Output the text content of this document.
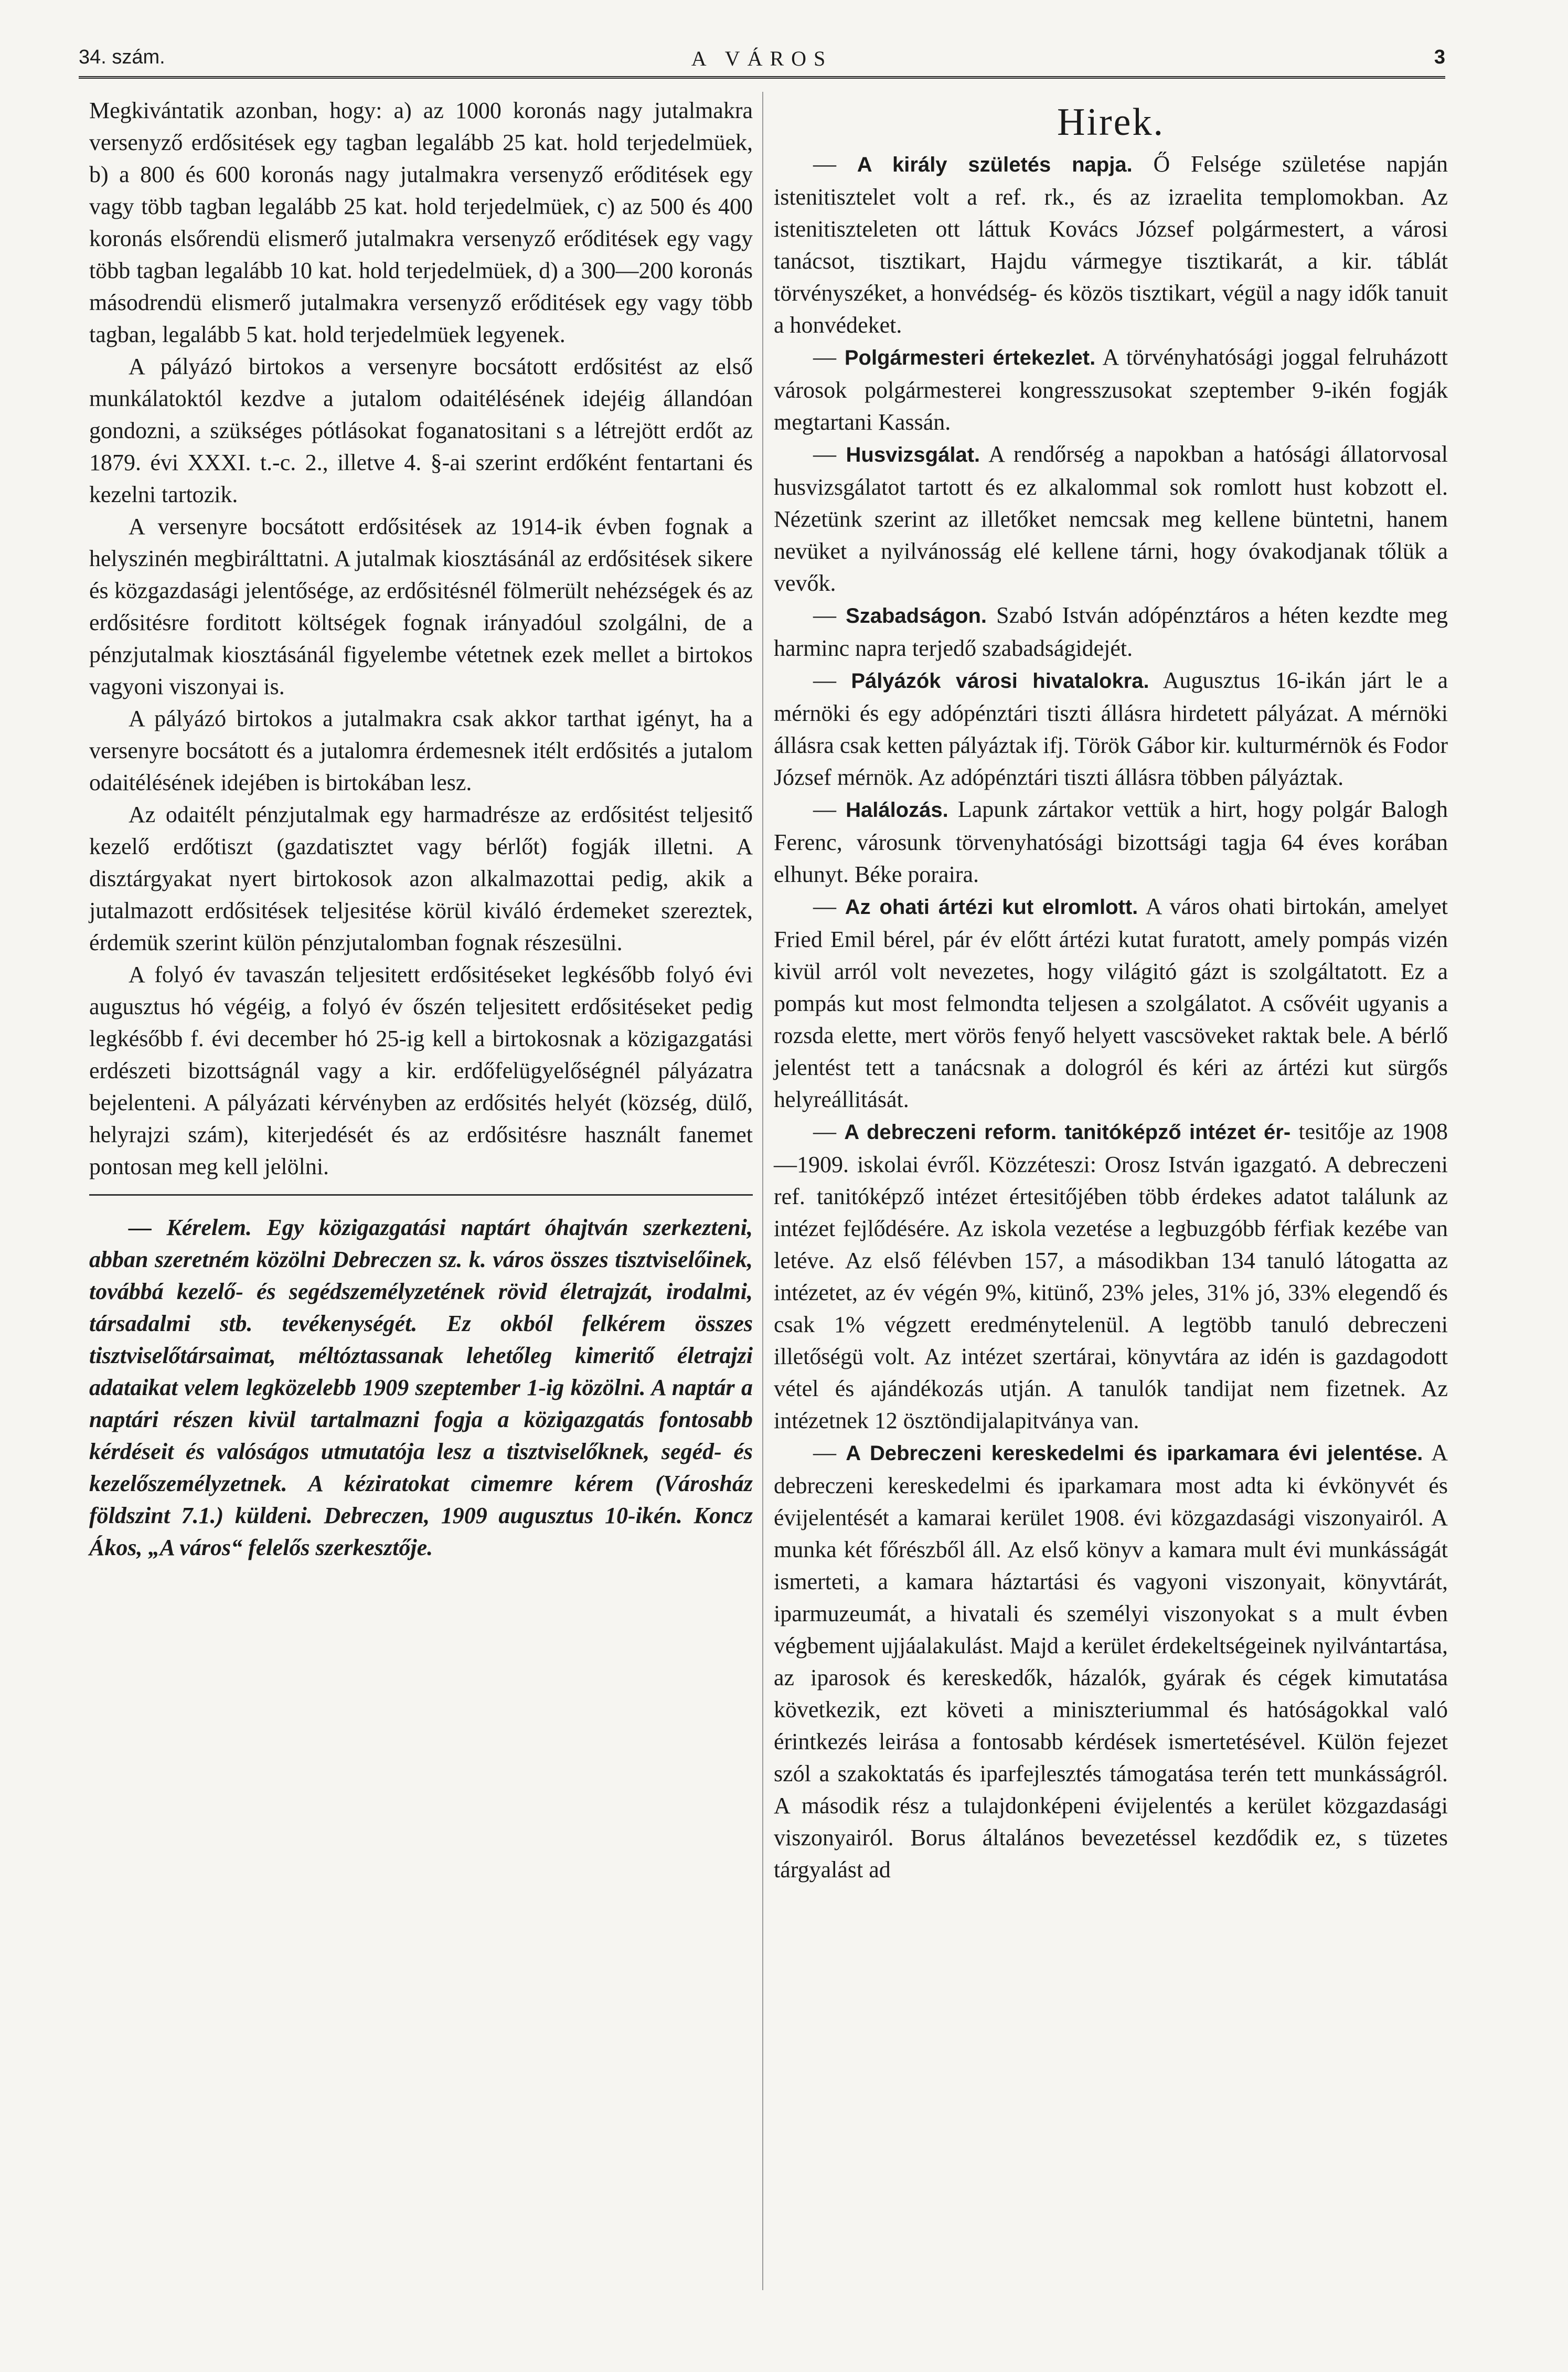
34. szám.	A VÁROS	3

Megkivántatik azonban, hogy: a) az 1000 koronás nagy jutalmakra versenyző erdősitések egy tagban legalább 25 kat. hold terjedelmüek, b) a 800 és 600 koronás nagy jutalmakra versenyző erőditések egy vagy több tagban legalább 25 kat. hold terjedelmüek, c) az 500 és 400 koronás elsőrendü elismerő jutalmakra versenyző erőditések egy vagy több tagban legalább 10 kat. hold terjedelmüek, d) a 300—200 koronás másodrendü elismerő jutalmakra versenyző erőditések egy vagy több tagban, legalább 5 kat. hold terjedelmüek legyenek.

A pályázó birtokos a versenyre bocsátott erdősitést az első munkálatoktól kezdve a jutalom odaitélésének idejéig állandóan gondozni, a szükséges pótlásokat foganatositani s a létrejött erdőt az 1879. évi XXXI. t.-c. 2., illetve 4. §-ai szerint erdőként fentartani és kezelni tartozik.

A versenyre bocsátott erdősitések az 1914-ik évben fognak a helyszinén megbirálttatni. A jutalmak kiosztásánál az erdősitések sikere és közgazdasági jelentősége, az erdősitésnél fölmerült nehézségek és az erdősitésre forditott költségek fognak irányadóul szolgálni, de a pénzjutalmak kiosztásánál figyelembe vétetnek ezek mellet a birtokos vagyoni viszonyai is.

A pályázó birtokos a jutalmakra csak akkor tarthat igényt, ha a versenyre bocsátott és a jutalomra érdemesnek itélt erdősités a jutalom odaitélésének idejében is birtokában lesz.

Az odaitélt pénzjutalmak egy harmadrésze az erdősitést teljesitő kezelő erdőtiszt (gazdatisztet vagy bérlőt) fogják illetni. A disztárgyakat nyert birtokosok azon alkalmazottai pedig, akik a jutalmazott erdősitések teljesitése körül kiváló érdemeket szereztek, érdemük szerint külön pénzjutalomban fognak részesülni.

A folyó év tavaszán teljesitett erdősitéseket legkésőbb folyó évi augusztus hó végéig, a folyó év őszén teljesitett erdősitéseket pedig legkésőbb f. évi december hó 25-ig kell a birtokosnak a közigazgatási erdészeti bizottságnál vagy a kir. erdőfelügyelőségnél pályázatra bejelenteni. A pályázati kérvényben az erdősités helyét (község, dülő, helyrajzi szám), kiterjedését és az erdősitésre használt fanemet pontosan meg kell jelölni.

— Kérelem. Egy közigazgatási naptárt óhajtván szerkezteni, abban szeretném közölni Debreczen sz. k. város összes tisztviselőinek, továbbá kezelő- és segédszemélyzetének rövid életrajzát, irodalmi, társadalmi stb. tevékenységét. Ez okból felkérem összes tisztviselőtársaimat, méltóztassanak lehetőleg kimeritő életrajzi adataikat velem legközelebb 1909 szeptember 1-ig közölni. A naptár a naptári részen kivül tartalmazni fogja a közigazgatás fontosabb kérdéseit és valóságos utmutatója lesz a tisztviselőknek, segéd- és kezelőszemélyzetnek. A kéziratokat cimemre kérem (Városház földszint 7.1.) küldeni. Debreczen, 1909 augusztus 10-ikén. Koncz Ákos, „A város“ felelős szerkesztője.

Hirek.

— A király születés napja. Ő Felsége születése napján istenitisztelet volt a ref. rk., és az izraelita templomokban. Az istenitiszteleten ott láttuk Kovács József polgármestert, a városi tanácsot, tisztikart, Hajdu vármegye tisztikarát, a kir. táblát törvényszéket, a honvédség- és közös tisztikart, végül a nagy idők tanuit a honvédeket.

— Polgármesteri értekezlet. A törvényhatósági joggal felruházott városok polgármesterei kongresszusokat szeptember 9-ikén fogják megtartani Kassán.

— Husvizsgálat. A rendőrség a napokban a hatósági állatorvosal husvizsgálatot tartott és ez alkalommal sok romlott hust kobzott el. Nézetünk szerint az illetőket nemcsak meg kellene büntetni, hanem nevüket a nyilvánosság elé kellene tárni, hogy óvakodjanak tőlük a vevők.

— Szabadságon. Szabó István adópénztáros a héten kezdte meg harminc napra terjedő szabadságidejét.

— Pályázók városi hivatalokra. Augusztus 16-ikán járt le a mérnöki és egy adópénztári tiszti állásra hirdetett pályázat. A mérnöki állásra csak ketten pályáztak ifj. Török Gábor kir. kulturmérnök és Fodor József mérnök. Az adópénztári tiszti állásra többen pályáztak.

— Halálozás. Lapunk zártakor vettük a hirt, hogy polgár Balogh Ferenc, városunk törvenyhatósági bizottsági tagja 64 éves korában elhunyt. Béke poraira.

— Az ohati ártézi kut elromlott. A város ohati birtokán, amelyet Fried Emil bérel, pár év előtt ártézi kutat furatott, amely pompás vizén kivül arról volt nevezetes, hogy világitó gázt is szolgáltatott. Ez a pompás kut most felmondta teljesen a szolgálatot. A csővéit ugyanis a rozsda elette, mert vörös fenyő helyett vascsöveket raktak bele. A bérlő jelentést tett a tanácsnak a dologról és kéri az ártézi kut sürgős helyreállitását.

— A debreczeni reform. tanitóképző intézet ér- tesitője az 1908—1909. iskolai évről. Közzéteszi: Orosz István igazgató. A debreczeni ref. tanitóképző intézet értesitőjében több érdekes adatot találunk az intézet fejlődésére. Az iskola vezetése a legbuzgóbb férfiak kezébe van letéve. Az első félévben 157, a másodikban 134 tanuló látogatta az intézetet, az év végén 9%, kitünő, 23% jeles, 31% jó, 33% elegendő és csak 1% végzett eredménytelenül. A legtöbb tanuló debreczeni illetőségü volt. Az intézet szertárai, könyvtára az idén is gazdagodott vétel és ajándékozás utján. A tanulók tandijat nem fizetnek. Az intézetnek 12 ösztöndijalapitványa van.

— A Debreczeni kereskedelmi és iparkamara évi jelentése. A debreczeni kereskedelmi és iparkamara most adta ki évkönyvét és évijelentését a kamarai kerület 1908. évi közgazdasági viszonyairól. A munka két főrészből áll. Az első könyv a kamara mult évi munkásságát ismerteti, a kamara háztartási és vagyoni viszonyait, könyvtárát, iparmuzeumát, a hivatali és személyi viszonyokat s a mult évben végbement ujjáalakulást. Majd a kerület érdekeltségeinek nyilvántartása, az iparosok és kereskedők, házalók, gyárak és cégek kimutatása következik, ezt követi a miniszteriummal és hatóságokkal való érintkezés leirása a fontosabb kérdések ismertetésével. Külön fejezet szól a szakoktatás és iparfejlesztés támogatása terén tett munkásságról. A második rész a tulajdonképeni évijelentés a kerület közgazdasági viszonyairól. Borus általános bevezetéssel kezdődik ez, s tüzetes tárgyalást ad
